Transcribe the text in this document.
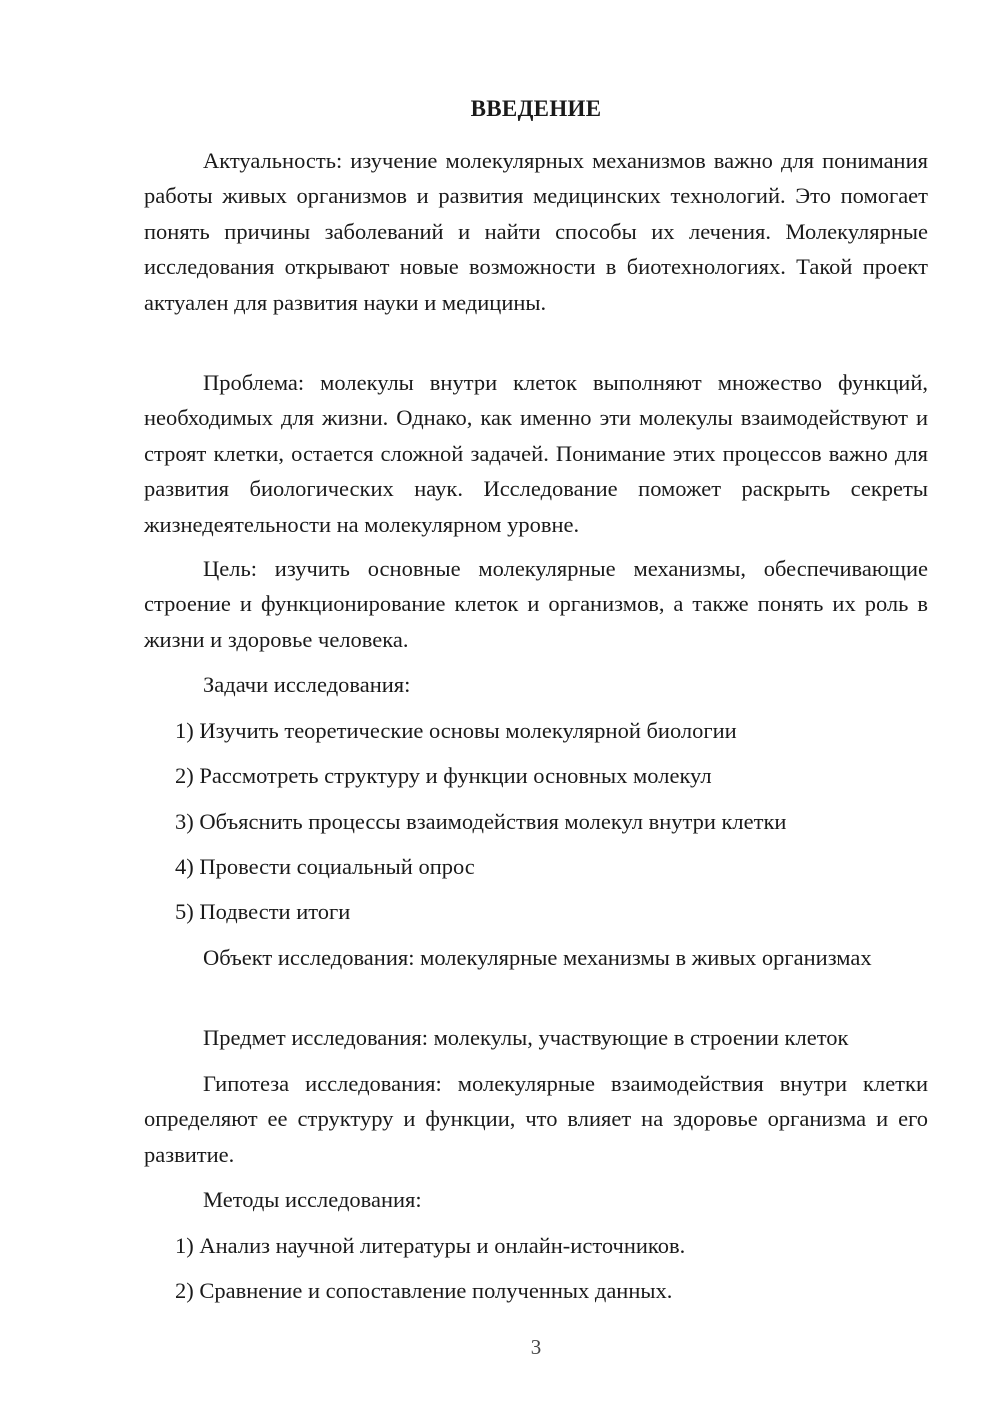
ВВЕДЕНИЕ

Актуальность: изучение молекулярных механизмов важно для понимания работы живых организмов и развития медицинских технологий. Это помогает понять причины заболеваний и найти способы их лечения. Молекулярные исследования открывают новые возможности в биотехнологиях. Такой проект актуален для развития науки и медицины.

Проблема: молекулы внутри клеток выполняют множество функций, необходимых для жизни. Однако, как именно эти молекулы взаимодействуют и строят клетки, остается сложной задачей. Понимание этих процессов важно для развития биологических наук. Исследование поможет раскрыть секреты жизнедеятельности на молекулярном уровне.

Цель: изучить основные молекулярные механизмы, обеспечивающие строение и функционирование клеток и организмов, а также понять их роль в жизни и здоровье человека.

Задачи исследования:

1) Изучить теоретические основы молекулярной биологии

2) Рассмотреть структуру и функции основных молекул

3) Объяснить процессы взаимодействия молекул внутри клетки

4) Провести социальный опрос

5) Подвести итоги

Объект исследования: молекулярные механизмы в живых организмах

Предмет исследования: молекулы, участвующие в строении клеток

Гипотеза исследования: молекулярные взаимодействия внутри клетки определяют ее структуру и функции, что влияет на здоровье организма и его развитие.

Методы исследования:

1) Анализ научной литературы и онлайн-источников.

2) Сравнение и сопоставление полученных данных.

3
